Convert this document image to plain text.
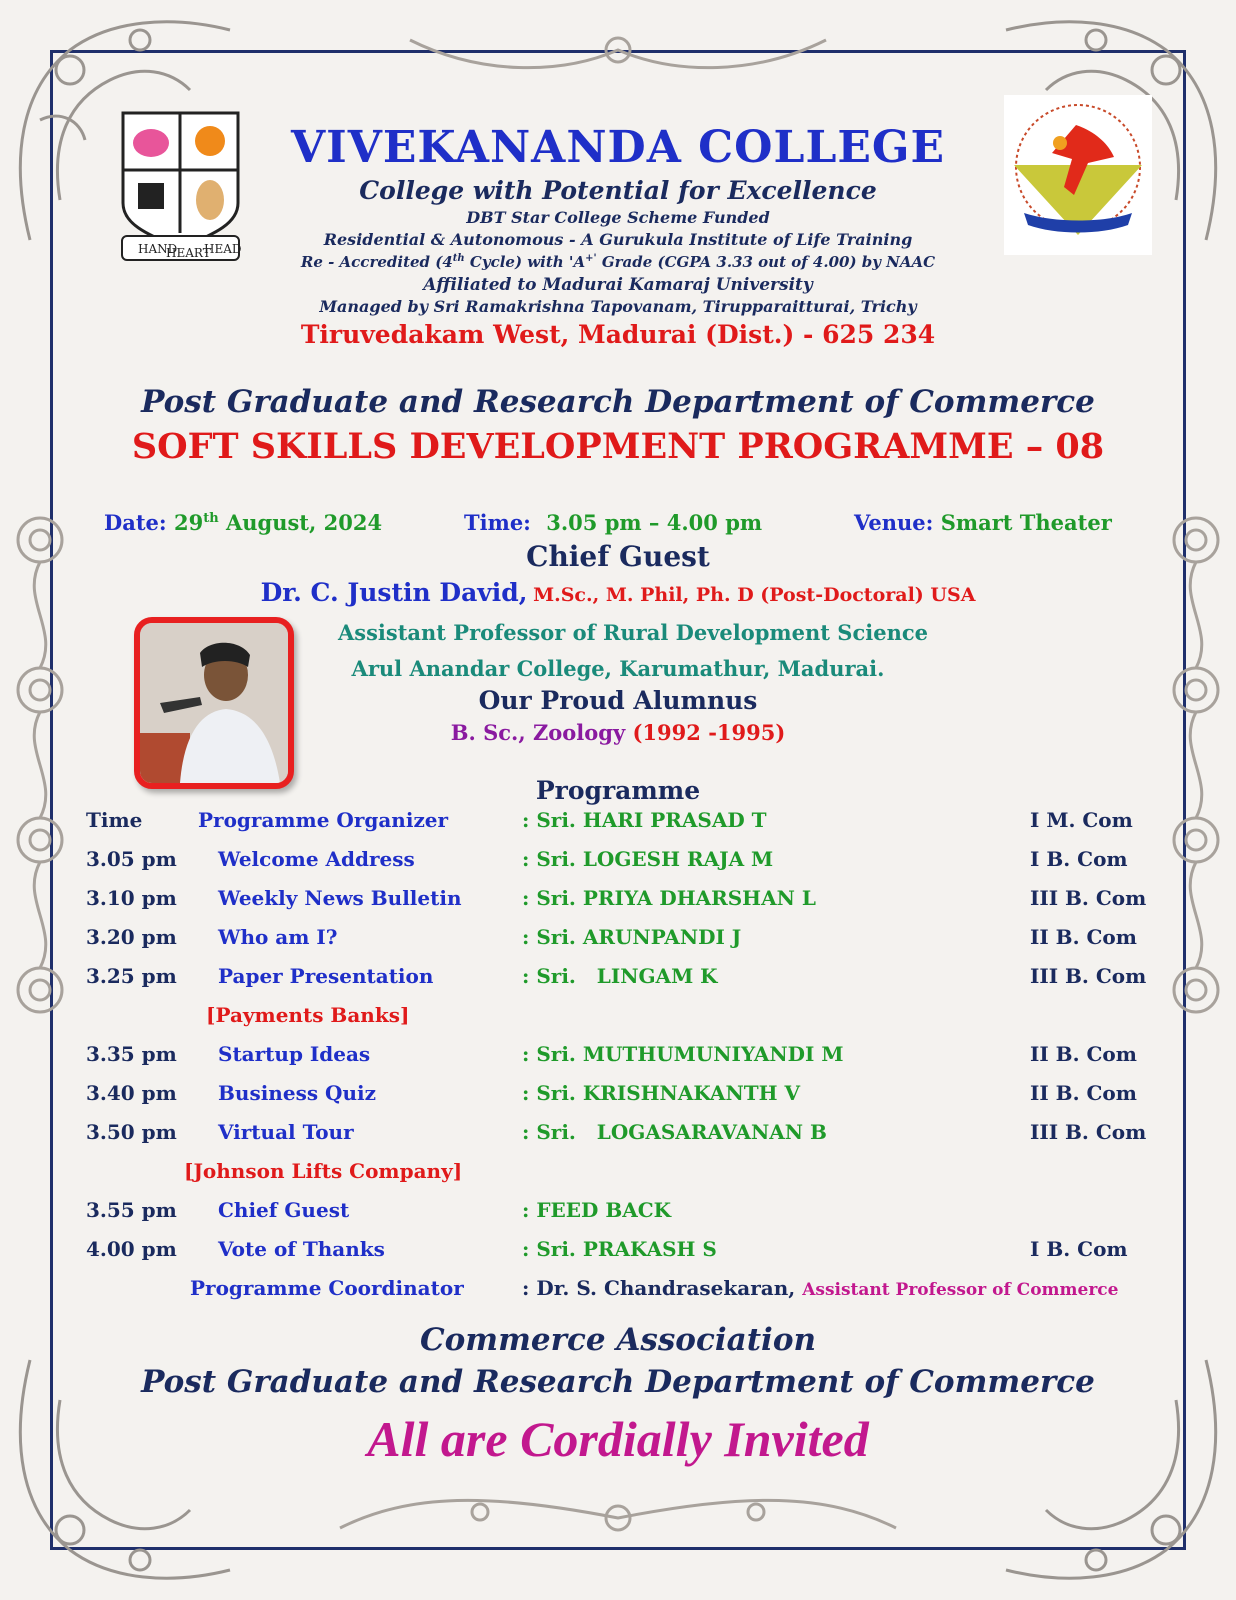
HAND
HEART
HEAD
VIVEKANANDA COLLEGE
College with Potential for Excellence
DBT Star College Scheme Funded
Residential & Autonomous - A Gurukula Institute of Life Training
Re - Accredited (4th Cycle) with 'A+' Grade (CGPA 3.33 out of 4.00) by NAAC
Affiliated to Madurai Kamaraj University
Managed by Sri Ramakrishna Tapovanam, Tirupparaitturai, Trichy
Tiruvedakam West, Madurai (Dist.) - 625 234
Post Graduate and Research Department of Commerce
SOFT SKILLS DEVELOPMENT PROGRAMME – 08
Date: 29th August, 2024	Time: 3.05 pm – 4.00 pm	Venue: Smart Theater
Chief Guest
Dr. C. Justin David, M.Sc., M. Phil, Ph. D (Post-Doctoral) USA
Assistant Professor of Rural Development Science
Arul Anandar College, Karumathur, Madurai.
Our Proud Alumnus
B. Sc., Zoology (1992 -1995)
Programme
Time	Programme Organizer	: Sri. HARI PRASAD T	I M. Com
3.05 pm Welcome Address	: Sri. LOGESH RAJA M	I B. Com
3.10 pm Weekly News Bulletin	: Sri. PRIYA DHARSHAN L	III B. Com
3.20 pm Who am I?	: Sri. ARUNPANDI J	II B. Com
3.25 pm Paper Presentation	: Sri.   LINGAM K	III B. Com
[Payments Banks]
3.35 pm Startup Ideas	: Sri. MUTHUMUNIYANDI M	II B. Com
3.40 pm Business Quiz	: Sri. KRISHNAKANTH V	II B. Com
3.50 pm Virtual Tour	: Sri.   LOGASARAVANAN B	III B. Com
[Johnson Lifts Company]
3.55 pm Chief Guest	: FEED BACK
4.00 pm Vote of Thanks	: Sri. PRAKASH S	I B. Com
Programme Coordinator	: Dr. S. Chandrasekaran, Assistant Professor of Commerce
Commerce Association
Post Graduate and Research Department of Commerce
All are Cordially Invited
